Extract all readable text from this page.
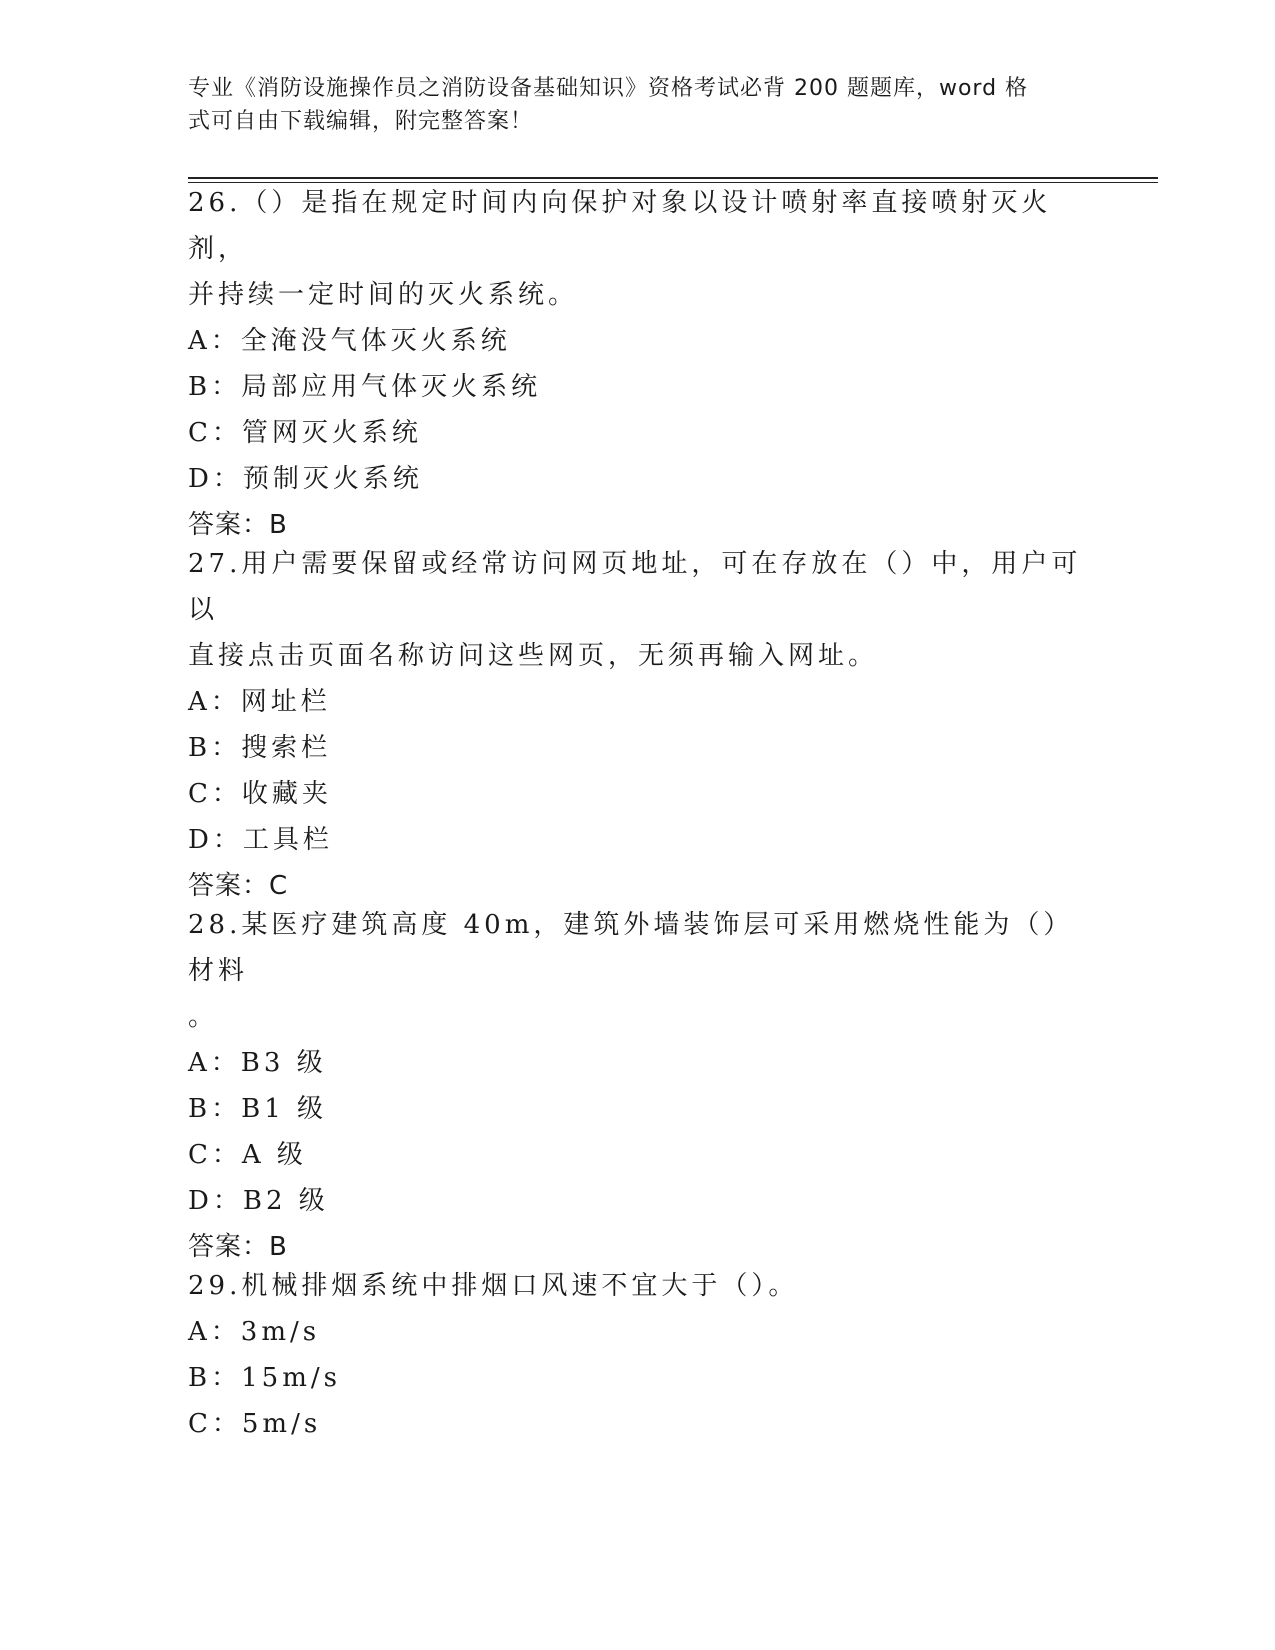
专业《消防设施操作员之消防设备基础知识》资格考试必背 200 题题库，word 格
式可自由下载编辑，附完整答案！
26.（）是指在规定时间内向保护对象以设计喷射率直接喷射灭火剂，
并持续一定时间的灭火系统。
A：全淹没气体灭火系统
B：局部应用气体灭火系统
C：管网灭火系统
D：预制灭火系统
答案：B
27.用户需要保留或经常访问网页地址，可在存放在（）中，用户可以
直接点击页面名称访问这些网页，无须再输入网址。
A：网址栏
B：搜索栏
C：收藏夹
D：工具栏
答案：C
28.某医疗建筑高度 40m，建筑外墙装饰层可采用燃烧性能为（）材料
。
A：B3 级
B：B1 级
C：A 级
D：B2 级
答案：B
29.机械排烟系统中排烟口风速不宜大于（）。
A：3m/s
B：15m/s
C：5m/s
